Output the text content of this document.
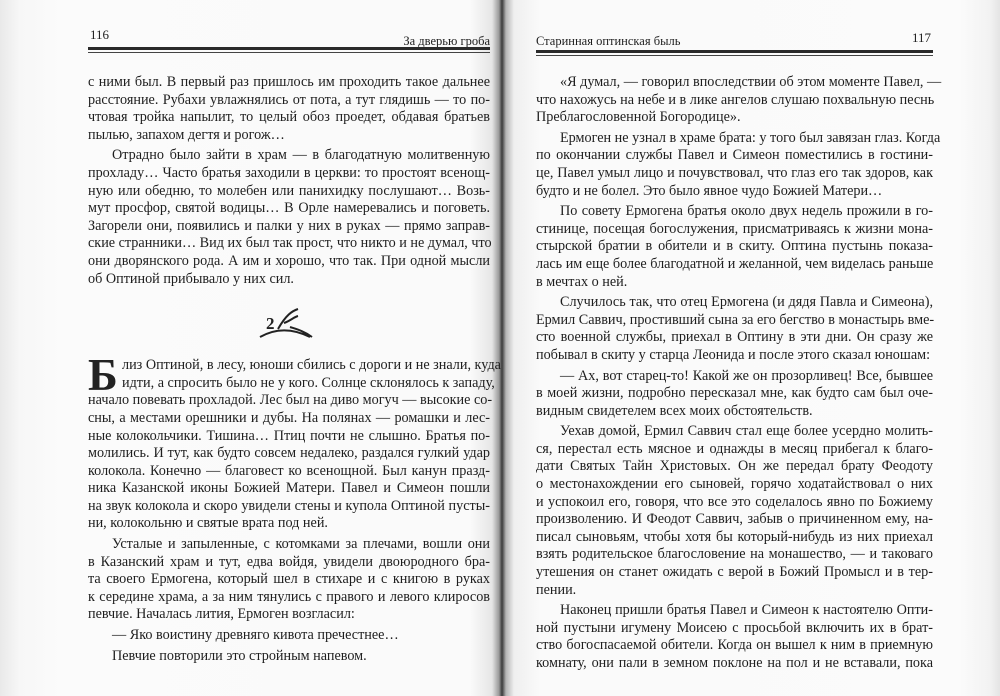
116	За дверью гроба
с ними был. В первый раз пришлось им проходить такое дальнее
расстояние. Рубахи увлажнялись от пота, а тут глядишь — то по-
чтовая тройка напылит, то целый обоз проедет, обдавая братьев
пылью, запахом дегтя и рогож…
Отрадно было зайти в храм — в благодатную молитвенную
прохладу… Часто братья заходили в церкви: то простоят всенощ-
ную или обедню, то молебен или панихидку послушают… Возь-
мут просфор, святой водицы… В Орле намеревались и поговеть.
Загорели они, появились и палки у них в руках — прямо заправ-
ские странники… Вид их был так прост, что никто и не думал, что
они дворянского рода. А им и хорошо, что так. При одной мысли
об Оптиной прибывало у них сил.
2
Б лиз Оптиной, в лесу, юноши сбились с дороги и не знали, куда
идти, а спросить было не у кого. Солнце склонялось к западу,
начало повевать прохладой. Лес был на диво могуч — высокие со-
сны, а местами орешники и дубы. На полянах — ромашки и лес-
ные колокольчики. Тишина… Птиц почти не слышно. Братья по-
молились. И тут, как будто совсем недалеко, раздался гулкий удар
колокола. Конечно — благовест ко всенощной. Был канун празд-
ника Казанской иконы Божией Матери. Павел и Симеон пошли
на звук колокола и скоро увидели стены и купола Оптиной пусты-
ни, колокольню и святые врата под ней.
Усталые и запыленные, с котомками за плечами, вошли они
в Казанский храм и тут, едва войдя, увидели двоюродного бра-
та своего Ермогена, который шел в стихаре и с книгою в руках
к середине храма, а за ним тянулись с правого и левого клиросов
певчие. Началась лития, Ермоген возгласил:
— Яко воистину древняго кивота пречестнее…
Певчие повторили это стройным напевом.
Старинная оптинская быль	117
«Я думал, — говорил впоследствии об этом моменте Павел, —
что нахожусь на небе и в лике ангелов слушаю похвальную песнь
Преблагословенной Богородице».
Ермоген не узнал в храме брата: у того был завязан глаз. Когда
по окончании службы Павел и Симеон поместились в гостини-
це, Павел умыл лицо и почувствовал, что глаз его так здоров, как
будто и не болел. Это было явное чудо Божией Матери…
По совету Ермогена братья около двух недель прожили в го-
стинице, посещая богослужения, присматриваясь к жизни мона-
стырской братии в обители и в скиту. Оптина пустынь показа-
лась им еще более благодатной и желанной, чем виделась раньше
в мечтах о ней.
Случилось так, что отец Ермогена (и дядя Павла и Симеона),
Ермил Саввич, простивший сына за его бегство в монастырь вме-
сто военной службы, приехал в Оптину в эти дни. Он сразу же
побывал в скиту у старца Леонида и после этого сказал юношам:
— Ах, вот старец-то! Какой же он прозорливец! Все, бывшее
в моей жизни, подробно пересказал мне, как будто сам был оче-
видным свидетелем всех моих обстоятельств.
Уехав домой, Ермил Саввич стал еще более усердно молить-
ся, перестал есть мясное и однажды в месяц прибегал к благо-
дати Святых Тайн Христовых. Он же передал брату Феодоту
о местонахождении его сыновей, горячо ходатайствовал о них
и успокоил его, говоря, что все это соделалось явно по Божиему
произволению. И Феодот Саввич, забыв о причиненном ему, на-
писал сыновьям, чтобы хотя бы который-нибудь из них приехал
взять родительское благословение на монашество, — и таковаго
утешения он станет ожидать с верой в Божий Промысл и в тер-
пении.
Наконец пришли братья Павел и Симеон к настоятелю Опти-
ной пустыни игумену Моисею с просьбой включить их в брат-
ство богоспасаемой обители. Когда он вышел к ним в приемную
комнату, они пали в земном поклоне на пол и не вставали, пока
